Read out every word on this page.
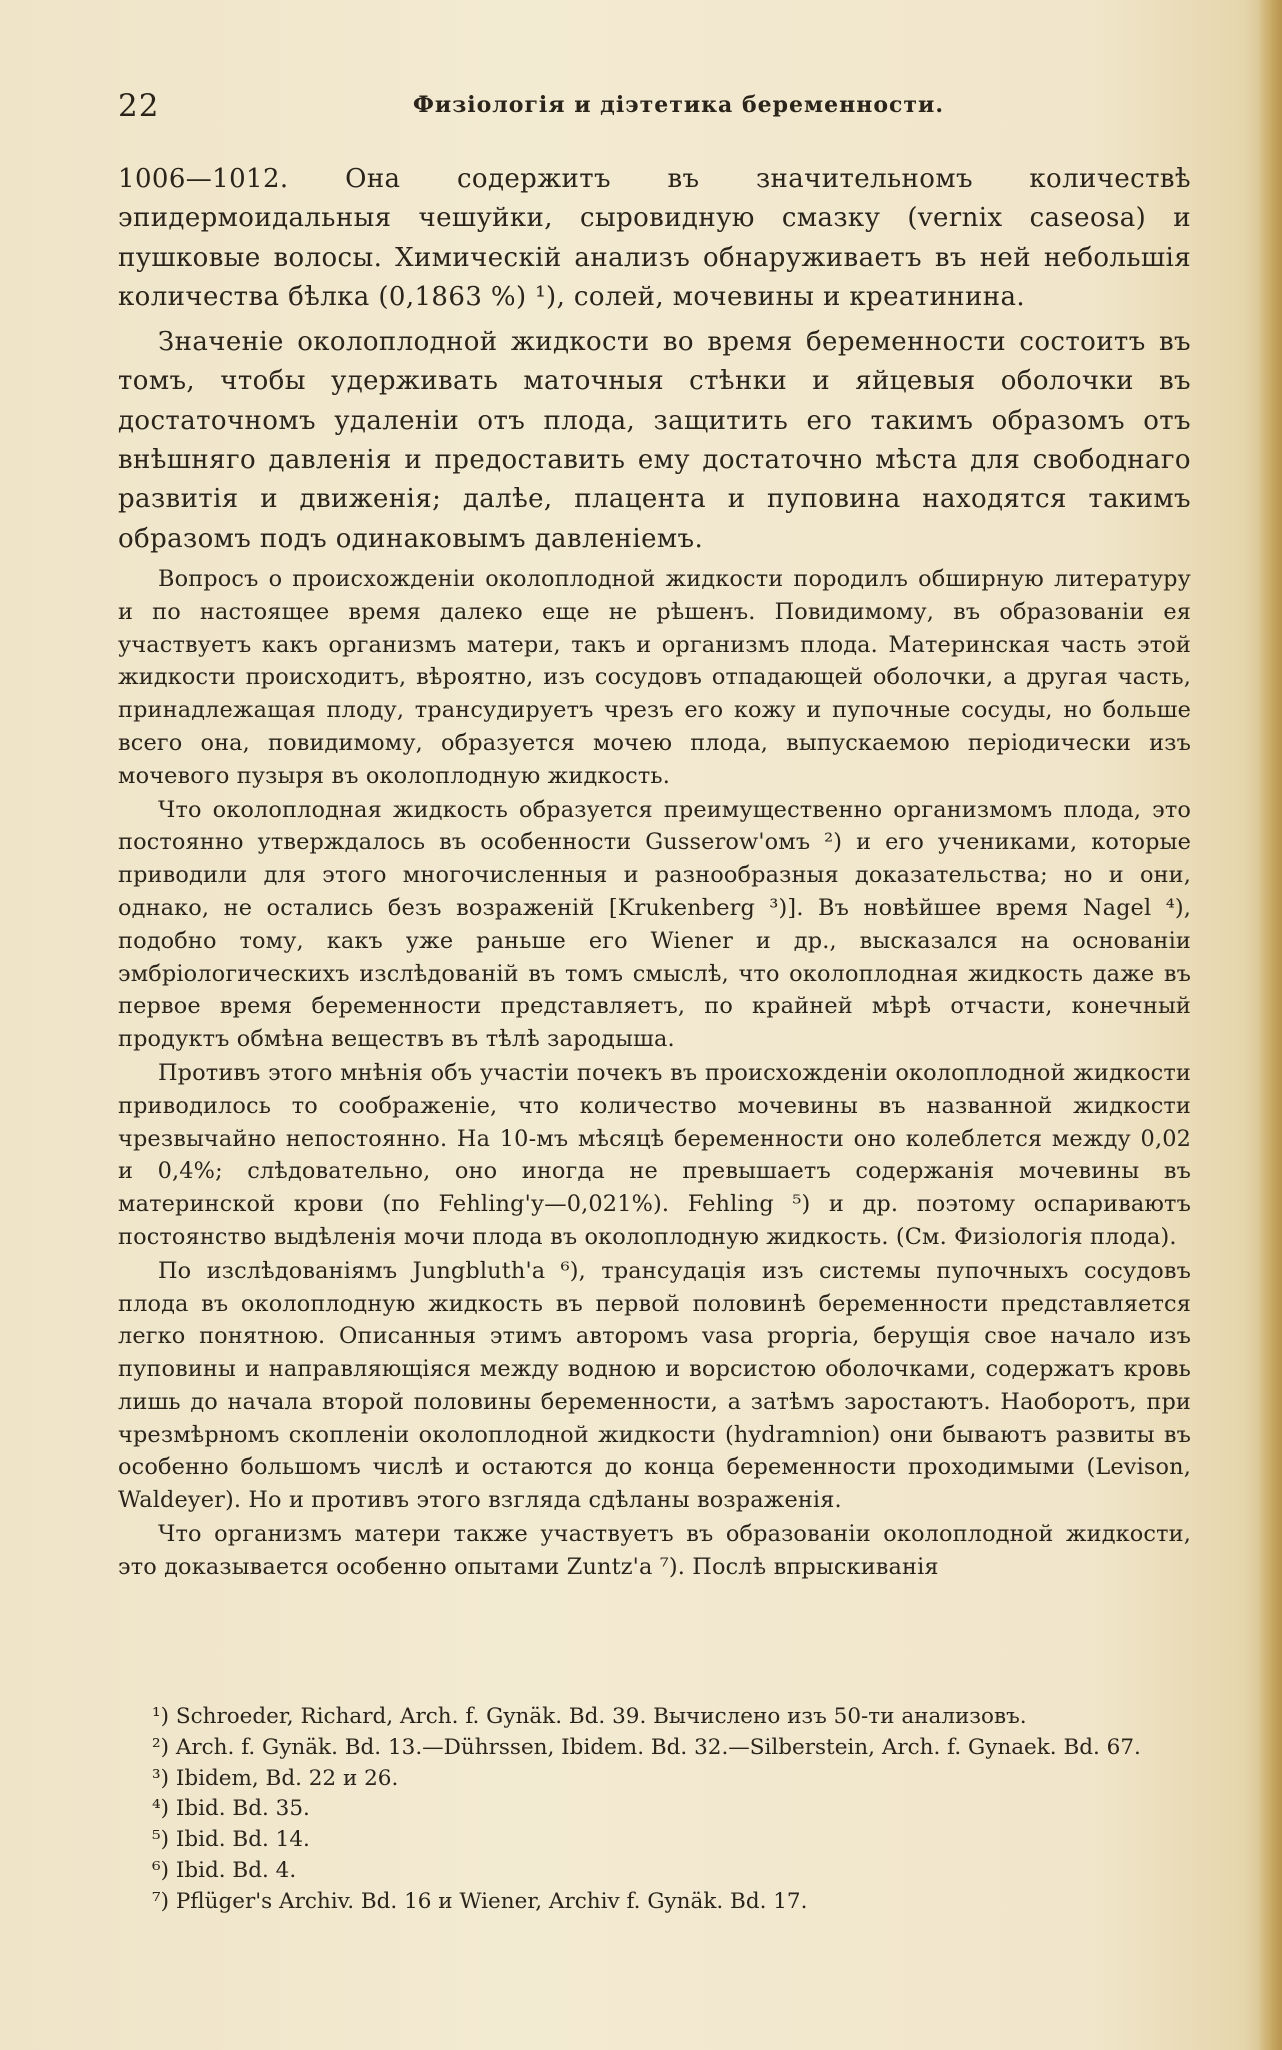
22	Физіологія и діэтетика беременности.

1006—1012. Она содержитъ въ значительномъ количествѣ эпидермоидальныя чешуйки, сыровидную смазку (vernix caseosa) и пушковые волосы. Химическій анализъ обнаруживаетъ въ ней небольшія количества бѣлка (0,1863 %) ¹), солей, мочевины и креатинина.

Значеніе околоплодной жидкости во время беременности состоитъ въ томъ, чтобы удерживать маточныя стѣнки и яйцевыя оболочки въ достаточномъ удаленіи отъ плода, защитить его такимъ образомъ отъ внѣшняго давленія и предоставить ему достаточно мѣста для свободнаго развитія и движенія; далѣе, плацента и пуповина находятся такимъ образомъ подъ одинаковымъ давленіемъ.

Вопросъ о происхожденіи околоплодной жидкости породилъ обширную литературу и по настоящее время далеко еще не рѣшенъ. Повидимому, въ образованіи ея участвуетъ какъ организмъ матери, такъ и организмъ плода. Материнская часть этой жидкости происходитъ, вѣроятно, изъ сосудовъ отпадающей оболочки, а другая часть, принадлежащая плоду, трансудируетъ чрезъ его кожу и пупочные сосуды, но больше всего она, повидимому, образуется мочею плода, выпускаемою періодически изъ мочевого пузыря въ околоплодную жидкость.

Что околоплодная жидкость образуется преимущественно организмомъ плода, это постоянно утверждалось въ особенности Gusserow'омъ ²) и его учениками, которые приводили для этого многочисленныя и разнообразныя доказательства; но и они, однако, не остались безъ возраженій [Krukenberg ³)]. Въ новѣйшее время Nagel ⁴), подобно тому, какъ уже раньше его Wiener и др., высказался на основаніи эмбріологическихъ изслѣдованій въ томъ смыслѣ, что околоплодная жидкость даже въ первое время беременности представляетъ, по крайней мѣрѣ отчасти, конечный продуктъ обмѣна веществъ въ тѣлѣ зародыша.

Противъ этого мнѣнія объ участіи почекъ въ происхожденіи околоплодной жидкости приводилось то соображеніе, что количество мочевины въ названной жидкости чрезвычайно непостоянно. На 10-мъ мѣсяцѣ беременности оно колеблется между 0,02 и 0,4%; слѣдовательно, оно иногда не превышаетъ содержанія мочевины въ материнской крови (по Fehling'у—0,021%). Fehling ⁵) и др. поэтому оспариваютъ постоянство выдѣленія мочи плода въ околоплодную жидкость. (См. Физіологія плода).

По изслѣдованіямъ Jungbluth'а ⁶), трансудація изъ системы пупочныхъ сосудовъ плода въ околоплодную жидкость въ первой половинѣ беременности представляется легко понятною. Описанныя этимъ авторомъ vasa propria, берущія свое начало изъ пуповины и направляющіяся между водною и ворсистою оболочками, содержатъ кровь лишь до начала второй половины беременности, а затѣмъ заростаютъ. Наоборотъ, при чрезмѣрномъ скопленіи околоплодной жидкости (hydramnion) они бываютъ развиты въ особенно большомъ числѣ и остаются до конца беременности проходимыми (Levison, Waldeyer). Но и противъ этого взгляда сдѣланы возраженія.

Что организмъ матери также участвуетъ въ образованіи околоплодной жидкости, это доказывается особенно опытами Zuntz'а ⁷). Послѣ впрыскиванія

¹) Schroeder, Richard, Arch. f. Gynäk. Bd. 39. Вычислено изъ 50-ти анализовъ.

²) Arch. f. Gynäk. Bd. 13.—Dührssen, Ibidem. Bd. 32.—Silberstein, Arch. f. Gynaek. Bd. 67.

³) Ibidem, Bd. 22 и 26.

⁴) Ibid. Bd. 35.

⁵) Ibid. Bd. 14.

⁶) Ibid. Bd. 4.

⁷) Pflüger's Archiv. Bd. 16 и Wiener, Archiv f. Gynäk. Bd. 17.
